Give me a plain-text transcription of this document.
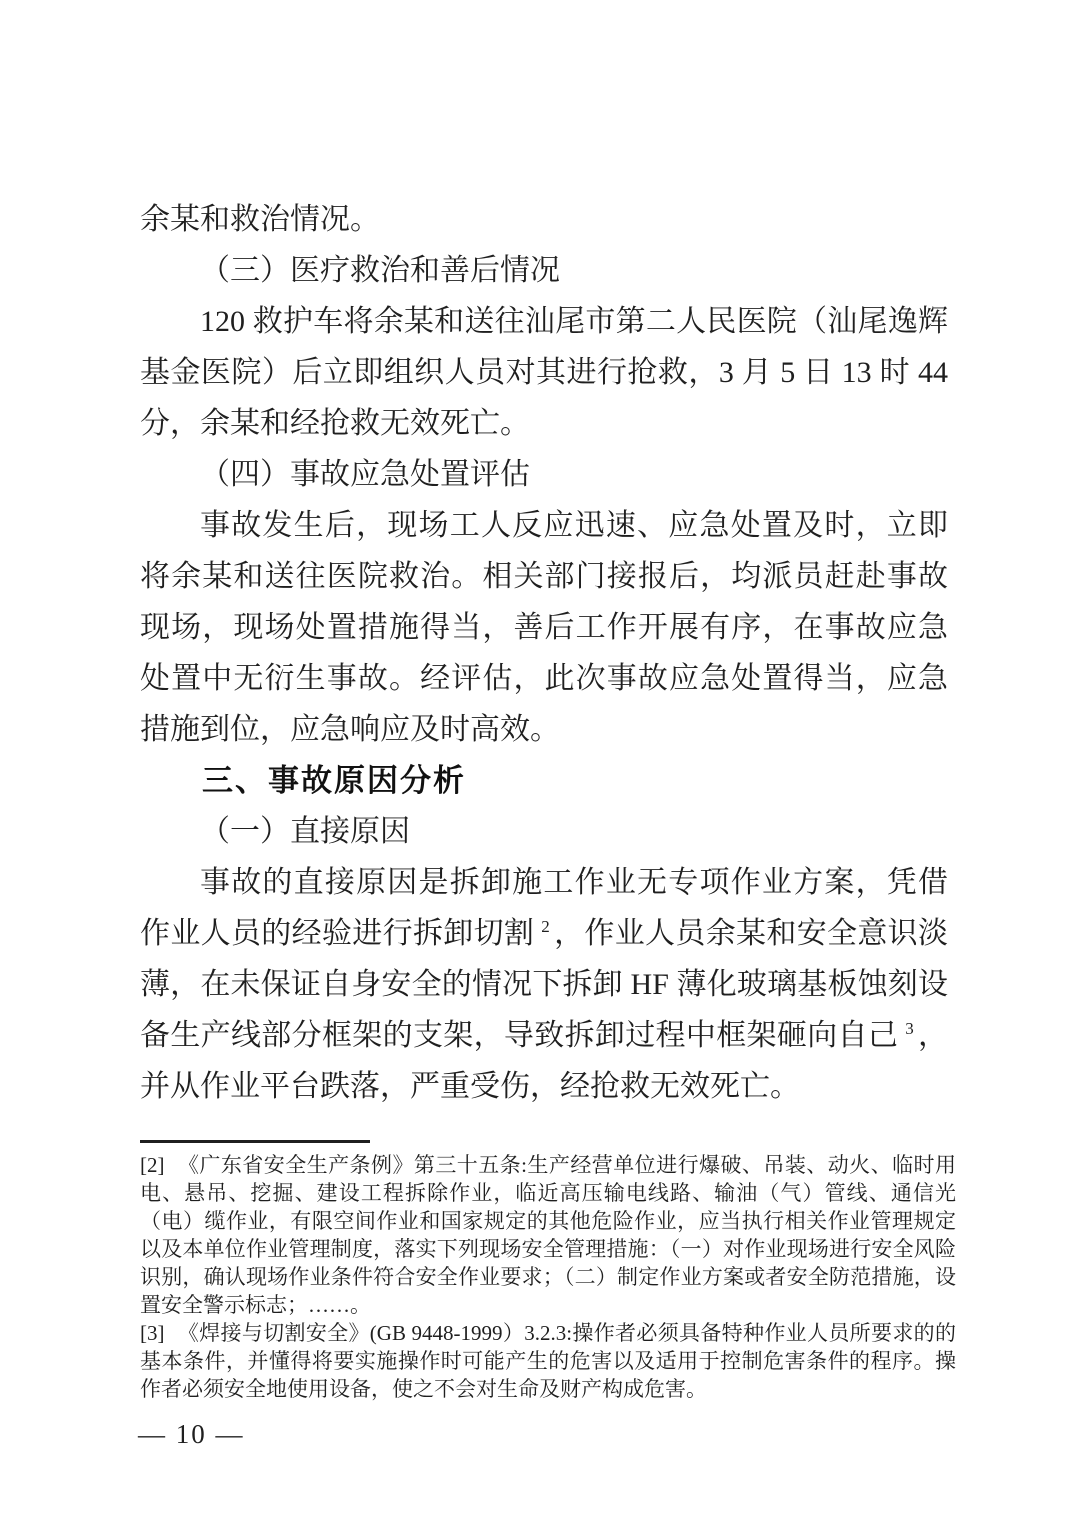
余某和救治情况。

（三）医疗救治和善后情况

120 救护车将余某和送往汕尾市第二人民医院（汕尾逸辉基金医院）后立即组织人员对其进行抢救，3 月 5 日 13 时 44 分，余某和经抢救无效死亡。

（四）事故应急处置评估

事故发生后，现场工人反应迅速、应急处置及时，立即将余某和送往医院救治。相关部门接报后，均派员赶赴事故现场，现场处置措施得当，善后工作开展有序，在事故应急处置中无衍生事故。经评估，此次事故应急处置得当，应急措施到位，应急响应及时高效。

三、事故原因分析

（一）直接原因

事故的直接原因是拆卸施工作业无专项作业方案，凭借作业人员的经验进行拆卸切割 $^2$ ，作业人员余某和安全意识淡薄，在未保证自身安全的情况下拆卸 HF 薄化玻璃基板蚀刻设备生产线部分框架的支架，导致拆卸过程中框架砸向自己 $^3$ ，并从作业平台跌落，严重受伤，经抢救无效死亡。

[2] 《广东省安全生产条例》第三十五条:生产经营单位进行爆破、吊装、动火、临时用电、悬吊、挖掘、建设工程拆除作业，临近高压输电线路、输油（气）管线、通信光（电）缆作业，有限空间作业和国家规定的其他危险作业，应当执行相关作业管理规定以及本单位作业管理制度，落实下列现场安全管理措施：（一）对作业现场进行安全风险识别，确认现场作业条件符合安全作业要求；（二）制定作业方案或者安全防范措施，设置安全警示标志；……。

[3] 《焊接与切割安全》(GB 9448-1999）3.2.3:操作者必须具备特种作业人员所要求的的基本条件，并懂得将要实施操作时可能产生的危害以及适用于控制危害条件的程序。操作者必须安全地使用设备，使之不会对生命及财产构成危害。

— 10 —
